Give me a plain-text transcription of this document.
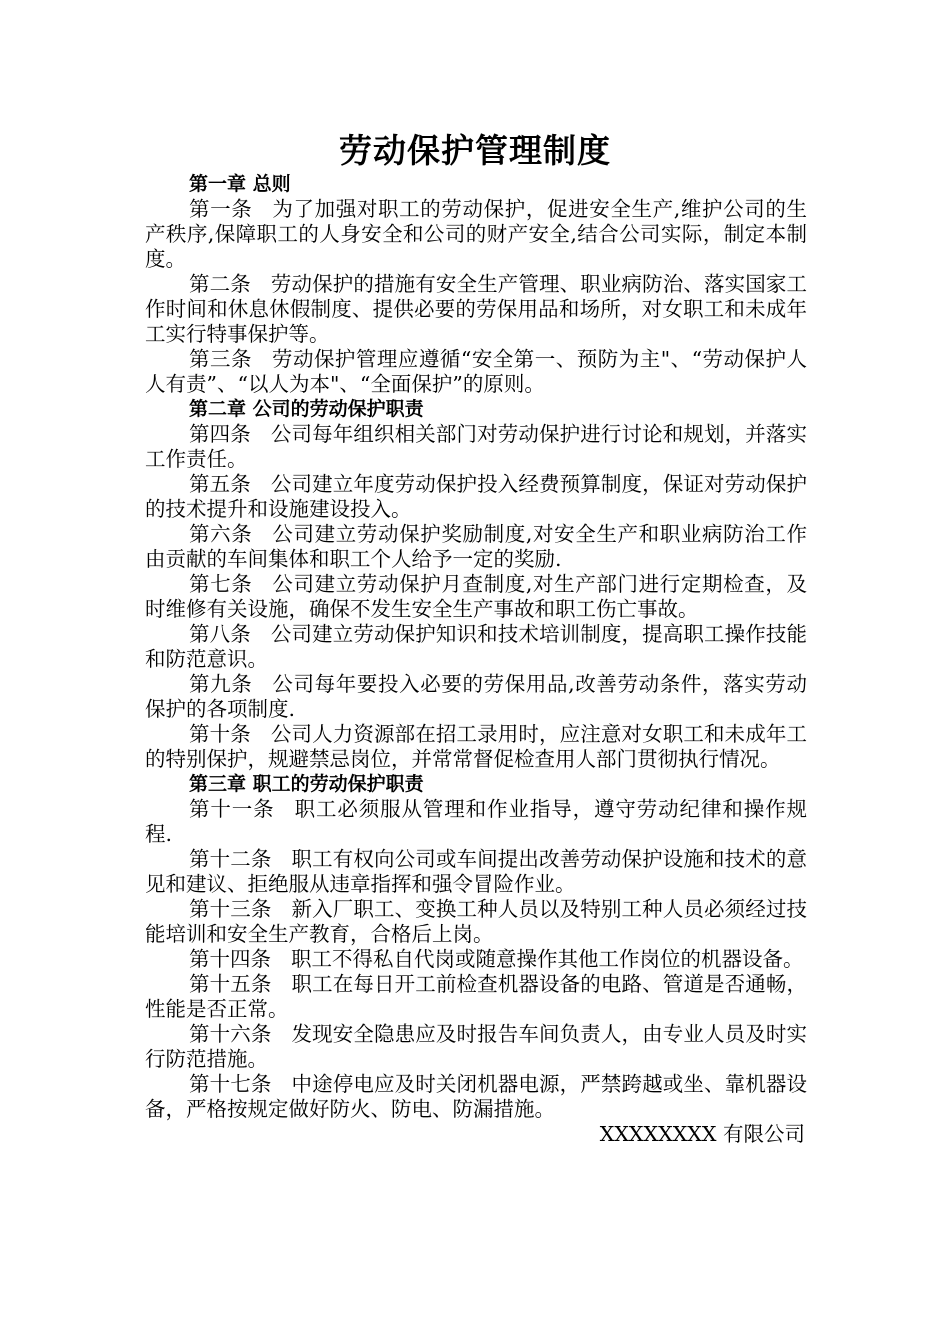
劳动保护管理制度
第一章 总则
第一条 为了加强对职工的劳动保护，促进安全生产,维护公司的生产秩序,保障职工的人身安全和公司的财产安全,结合公司实际，制定本制度。
第二条 劳动保护的措施有安全生产管理、职业病防治、落实国家工作时间和休息休假制度、提供必要的劳保用品和场所，对女职工和未成年工实行特事保护等。
第三条 劳动保护管理应遵循“安全第一、预防为主"、“劳动保护人人有责”、“以人为本"、“全面保护”的原则。
第二章 公司的劳动保护职责
第四条 公司每年组织相关部门对劳动保护进行讨论和规划，并落实工作责任。
第五条 公司建立年度劳动保护投入经费预算制度，保证对劳动保护的技术提升和设施建设投入。
第六条 公司建立劳动保护奖励制度,对安全生产和职业病防治工作由贡献的车间集体和职工个人给予一定的奖励.
第七条 公司建立劳动保护月查制度,对生产部门进行定期检查，及时维修有关设施，确保不发生安全生产事故和职工伤亡事故。
第八条 公司建立劳动保护知识和技术培训制度，提高职工操作技能和防范意识。
第九条 公司每年要投入必要的劳保用品,改善劳动条件，落实劳动保护的各项制度.
第十条 公司人力资源部在招工录用时，应注意对女职工和未成年工的特别保护，规避禁忌岗位，并常常督促检查用人部门贯彻执行情况。
第三章 职工的劳动保护职责
第十一条 职工必须服从管理和作业指导，遵守劳动纪律和操作规程.
第十二条 职工有权向公司或车间提出改善劳动保护设施和技术的意见和建议、拒绝服从违章指挥和强令冒险作业。
第十三条 新入厂职工、变换工种人员以及特别工种人员必须经过技能培训和安全生产教育，合格后上岗。
第十四条 职工不得私自代岗或随意操作其他工作岗位的机器设备。
第十五条 职工在每日开工前检查机器设备的电路、管道是否通畅，性能是否正常。
第十六条 发现安全隐患应及时报告车间负责人，由专业人员及时实行防范措施。
第十七条 中途停电应及时关闭机器电源，严禁跨越或坐、靠机器设备，严格按规定做好防火、防电、防漏措施。
XXXXXXXX 有限公司
